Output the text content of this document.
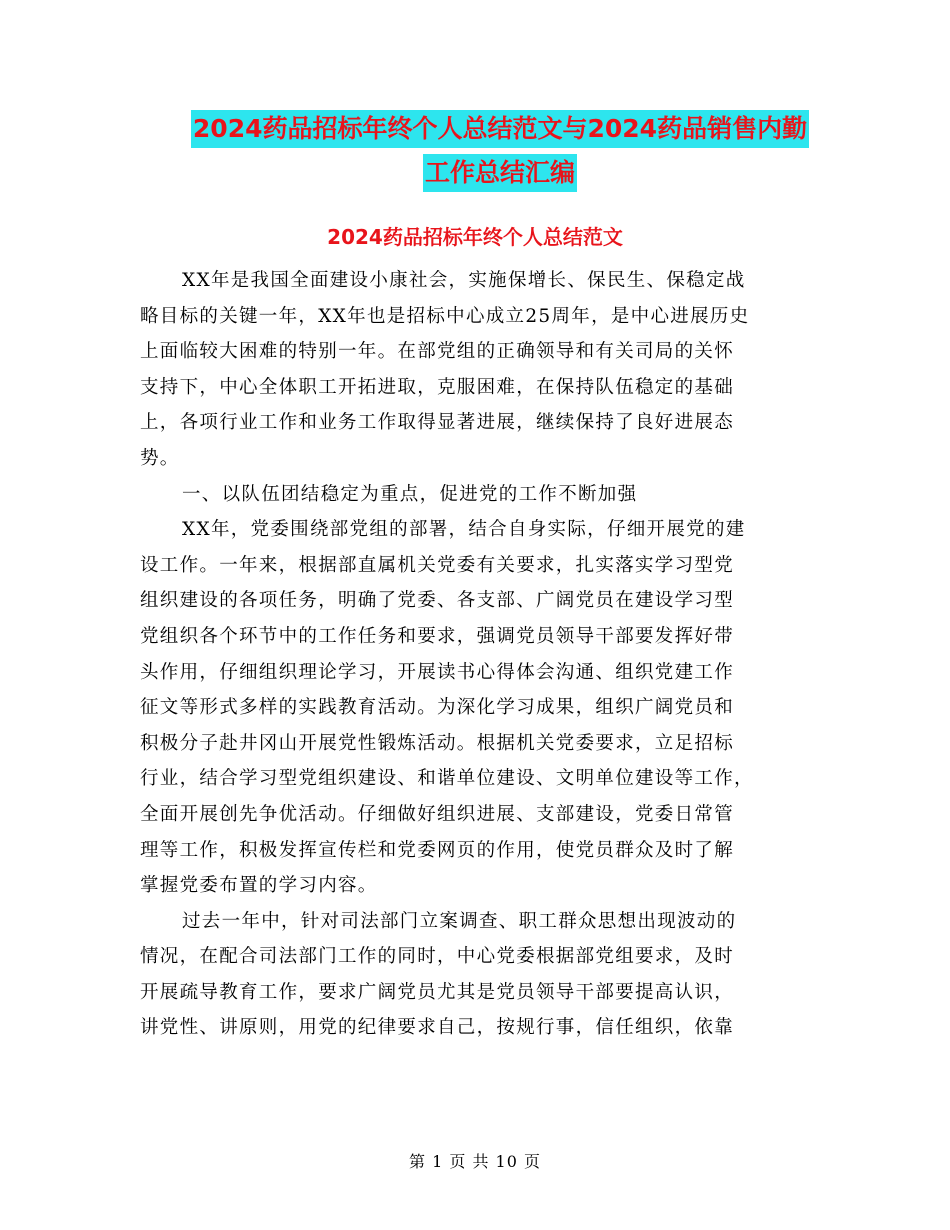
2024药品招标年终个人总结范文与2024药品销售内勤
工作总结汇编
2024药品招标年终个人总结范文
XX年是我国全面建设小康社会，实施保增长、保民生、保稳定战
略目标的关键一年，XX年也是招标中心成立25周年，是中心进展历史
上面临较大困难的特别一年。在部党组的正确领导和有关司局的关怀
支持下，中心全体职工开拓进取，克服困难，在保持队伍稳定的基础
上，各项行业工作和业务工作取得显著进展，继续保持了良好进展态
势。
一、以队伍团结稳定为重点，促进党的工作不断加强
XX年，党委围绕部党组的部署，结合自身实际，仔细开展党的建
设工作。一年来，根据部直属机关党委有关要求，扎实落实学习型党
组织建设的各项任务，明确了党委、各支部、广阔党员在建设学习型
党组织各个环节中的工作任务和要求，强调党员领导干部要发挥好带
头作用，仔细组织理论学习，开展读书心得体会沟通、组织党建工作
征文等形式多样的实践教育活动。为深化学习成果，组织广阔党员和
积极分子赴井冈山开展党性锻炼活动。根据机关党委要求，立足招标
行业，结合学习型党组织建设、和谐单位建设、文明单位建设等工作，
全面开展创先争优活动。仔细做好组织进展、支部建设，党委日常管
理等工作，积极发挥宣传栏和党委网页的作用，使党员群众及时了解
掌握党委布置的学习内容。
过去一年中，针对司法部门立案调查、职工群众思想出现波动的
情况，在配合司法部门工作的同时，中心党委根据部党组要求，及时
开展疏导教育工作，要求广阔党员尤其是党员领导干部要提高认识，
讲党性、讲原则，用党的纪律要求自己，按规行事，信任组织，依靠
第 1 页 共 10 页
